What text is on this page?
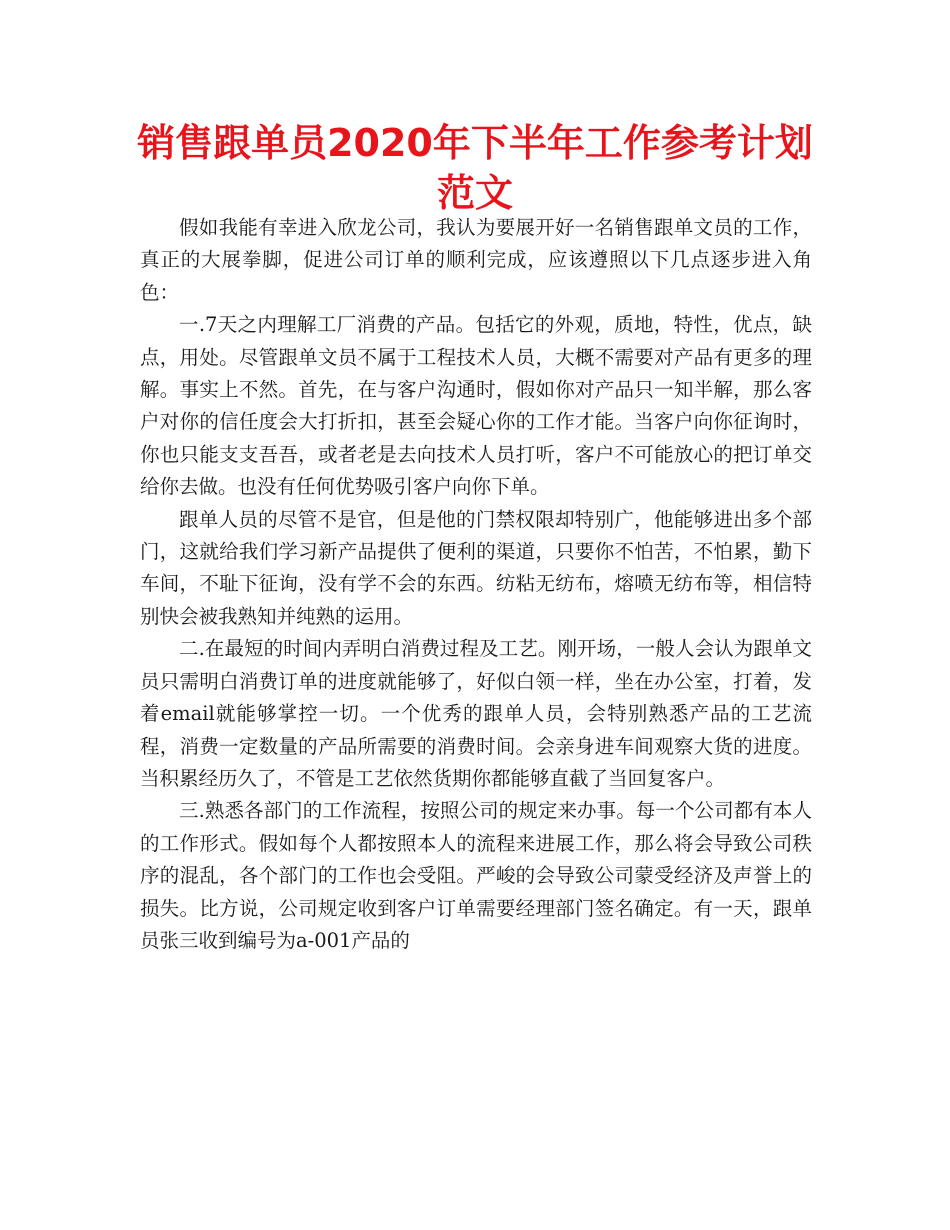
销售跟单员2020年下半年工作参考计划范文

假如我能有幸进入欣龙公司，我认为要展开好一名销售跟单文员的工作，真正的大展拳脚，促进公司订单的顺利完成，应该遵照以下几点逐步进入角色：

一.7天之内理解工厂消费的产品。包括它的外观，质地，特性，优点，缺点，用处。尽管跟单文员不属于工程技术人员，大概不需要对产品有更多的理解。事实上不然。首先，在与客户沟通时，假如你对产品只一知半解，那么客户对你的信任度会大打折扣，甚至会疑心你的工作才能。当客户向你征询时，你也只能支支吾吾，或者老是去向技术人员打听，客户不可能放心的把订单交给你去做。也没有任何优势吸引客户向你下单。

跟单人员的尽管不是官，但是他的门禁权限却特别广，他能够进出多个部门，这就给我们学习新产品提供了便利的渠道，只要你不怕苦，不怕累，勤下车间，不耻下征询，没有学不会的东西。纺粘无纺布，熔喷无纺布等，相信特别快会被我熟知并纯熟的运用。

二.在最短的时间内弄明白消费过程及工艺。刚开场，一般人会认为跟单文员只需明白消费订单的进度就能够了，好似白领一样，坐在办公室，打着，发着email就能够掌控一切。一个优秀的跟单人员，会特别熟悉产品的工艺流程，消费一定数量的产品所需要的消费时间。会亲身进车间观察大货的进度。当积累经历久了，不管是工艺依然货期你都能够直截了当回复客户。

三.熟悉各部门的工作流程，按照公司的规定来办事。每一个公司都有本人的工作形式。假如每个人都按照本人的流程来进展工作，那么将会导致公司秩序的混乱，各个部门的工作也会受阻。严峻的会导致公司蒙受经济及声誉上的损失。比方说，公司规定收到客户订单需要经理部门签名确定。有一天，跟单员张三收到编号为a-001产品的
